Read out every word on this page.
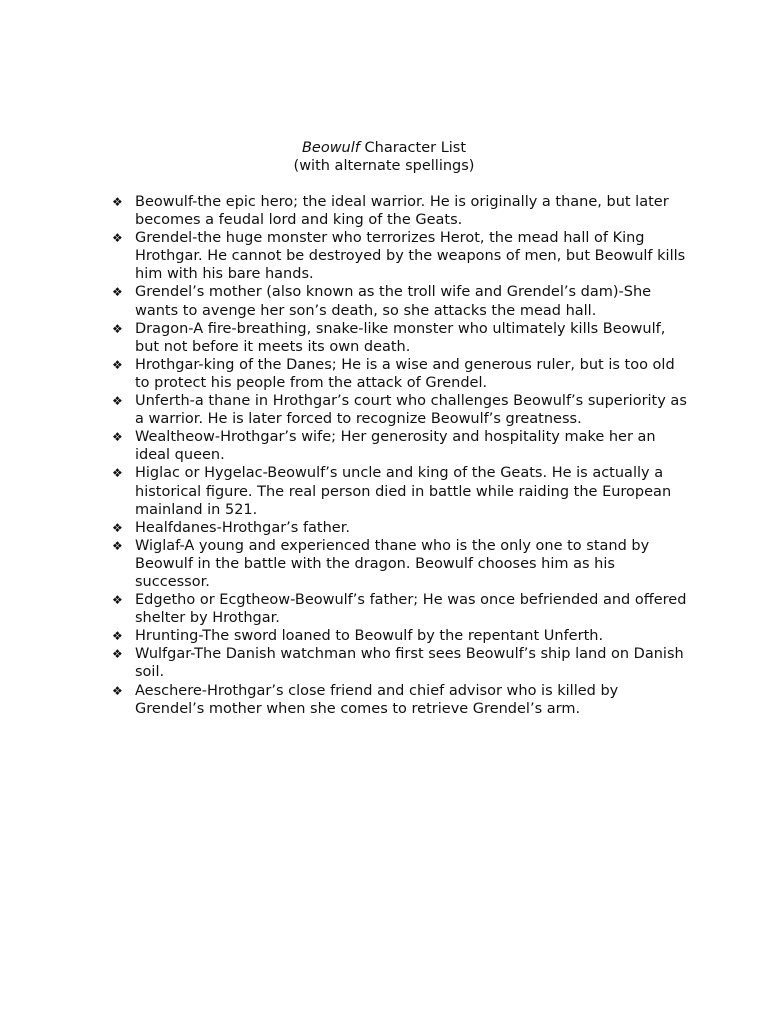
Beowulf Character List
(with alternate spellings)
❖ Beowulf-the epic hero; the ideal warrior. He is originally a thane, but later becomes a feudal lord and king of the Geats.
❖ Grendel-the huge monster who terrorizes Herot, the mead hall of King Hrothgar. He cannot be destroyed by the weapons of men, but Beowulf kills him with his bare hands.
❖ Grendel’s mother (also known as the troll wife and Grendel’s dam)-She wants to avenge her son’s death, so she attacks the mead hall.
❖ Dragon-A fire-breathing, snake-like monster who ultimately kills Beowulf, but not before it meets its own death.
❖ Hrothgar-king of the Danes; He is a wise and generous ruler, but is too old to protect his people from the attack of Grendel.
❖ Unferth-a thane in Hrothgar’s court who challenges Beowulf’s superiority as a warrior. He is later forced to recognize Beowulf’s greatness.
❖ Wealtheow-Hrothgar’s wife; Her generosity and hospitality make her an ideal queen.
❖ Higlac or Hygelac-Beowulf’s uncle and king of the Geats. He is actually a historical figure. The real person died in battle while raiding the European mainland in 521.
❖ Healfdanes-Hrothgar’s father.
❖ Wiglaf-A young and experienced thane who is the only one to stand by Beowulf in the battle with the dragon. Beowulf chooses him as his successor.
❖ Edgetho or Ecgtheow-Beowulf’s father; He was once befriended and offered shelter by Hrothgar.
❖ Hrunting-The sword loaned to Beowulf by the repentant Unferth.
❖ Wulfgar-The Danish watchman who first sees Beowulf’s ship land on Danish soil.
❖ Aeschere-Hrothgar’s close friend and chief advisor who is killed by Grendel’s mother when she comes to retrieve Grendel’s arm.
